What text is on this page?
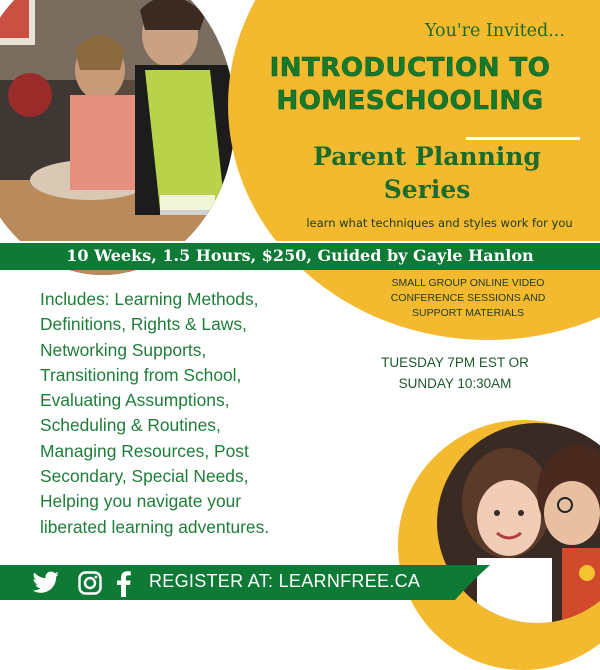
You're Invited...
INTRODUCTION TO
HOMESCHOOLING
Parent Planning
Series
learn what techniques and styles work for you
10 Weeks, 1.5 Hours, $250, Guided by Gayle Hanlon
SMALL GROUP ONLINE VIDEO
CONFERENCE SESSIONS AND
SUPPORT MATERIALS
Includes: Learning Methods,
Definitions, Rights & Laws,
Networking Supports,
Transitioning from School,
Evaluating Assumptions,
Scheduling & Routines,
Managing Resources, Post
Secondary, Special Needs,
Helping you navigate your
liberated learning adventures.
TUESDAY 7PM EST OR
SUNDAY 10:30AM
REGISTER AT: LEARNFREE.CA
